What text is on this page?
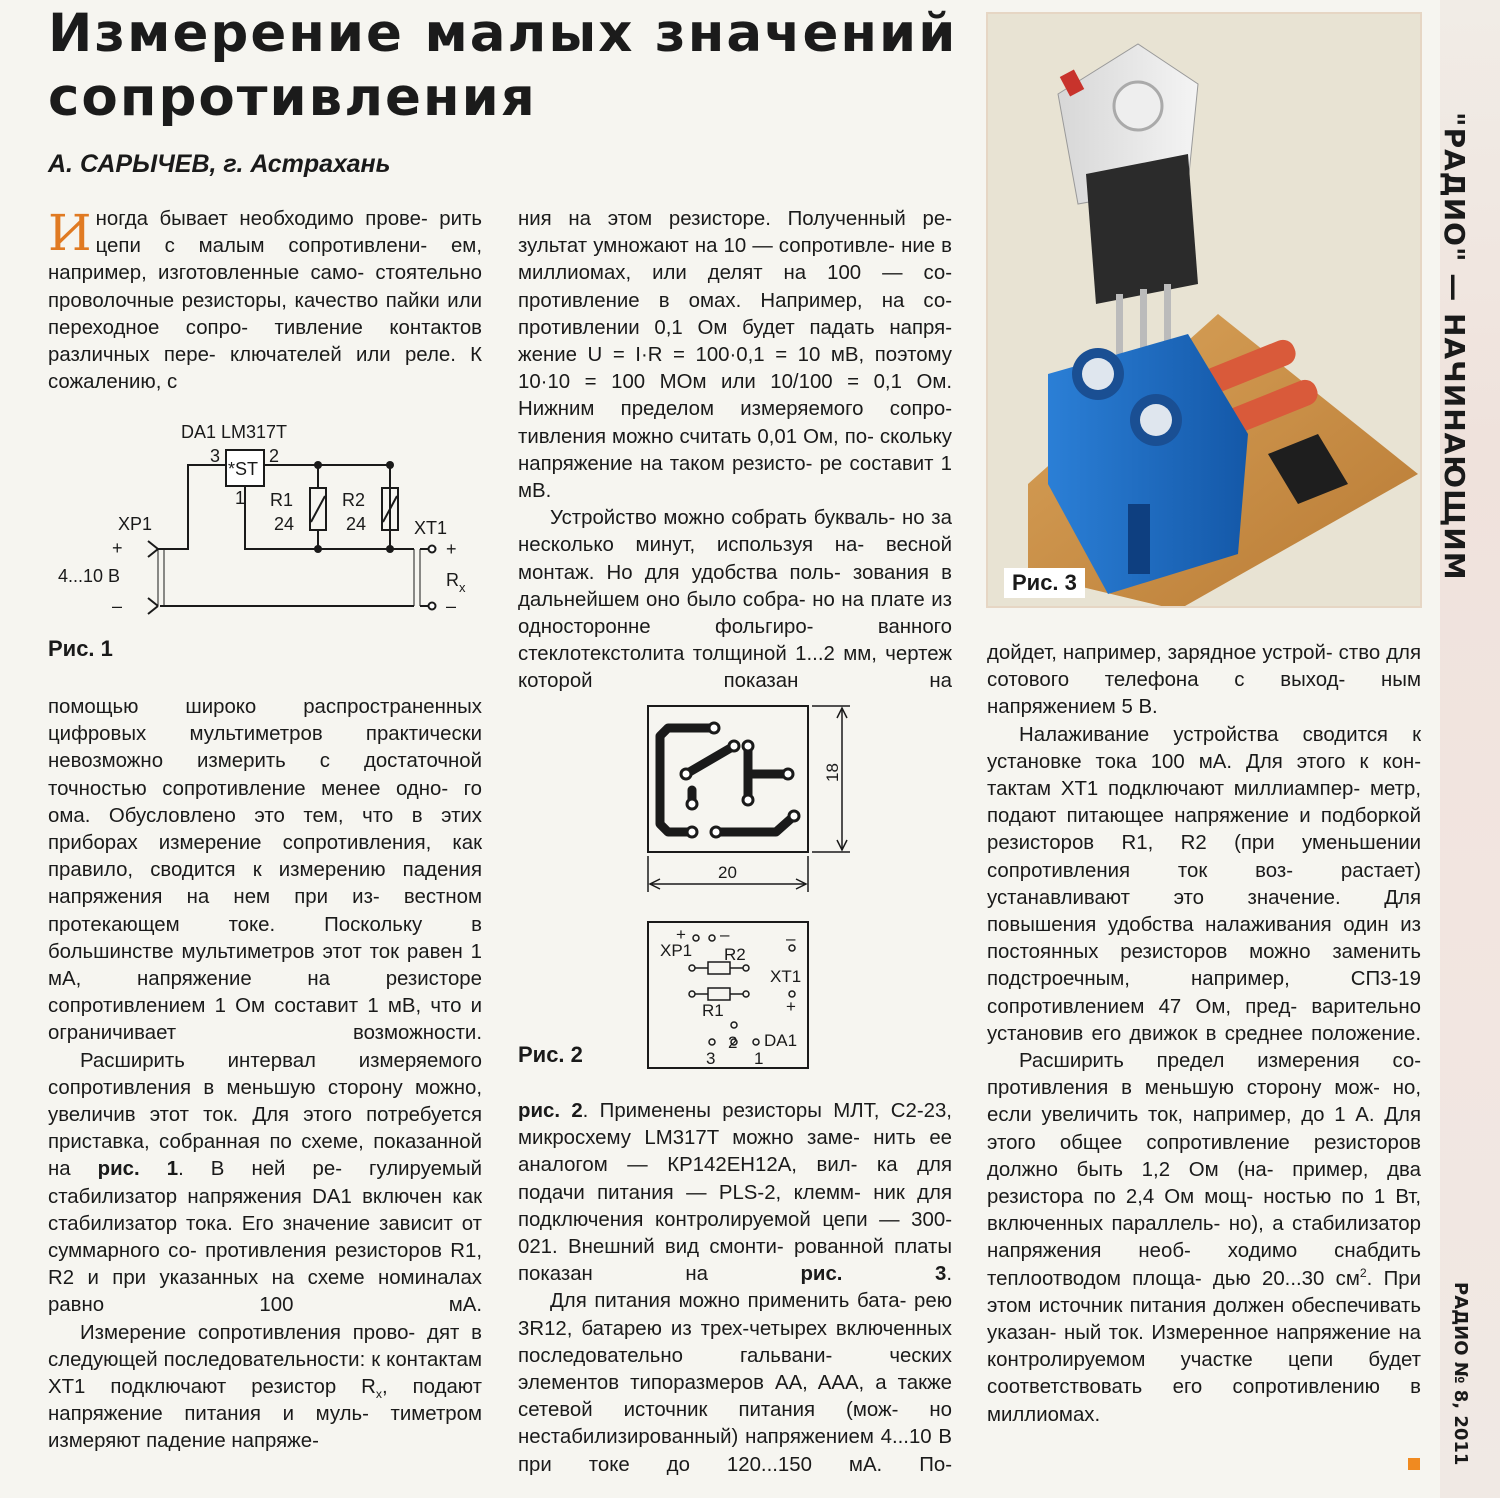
Измерение малых значений
сопротивления

А. САРЫЧЕВ, г. Астрахань

Иногда бывает необходимо прове- рить цепи с малым сопротивлени- ем, например, изготовленные само- стоятельно проволочные резисторы, качество пайки или переходное сопро- тивление контактов различных пере- ключателей или реле. К сожалению, с

DA1 LM317T
*ST
3	2
1 R1
24
R2
24
XP1
+
4...10 В
–
XT1
+
–
$R_x$
Рис. 1

помощью широко распространенных цифровых мультиметров практически невозможно измерить с достаточной точностью сопротивление менее одно- го ома. Обусловлено это тем, что в этих приборах измерение сопротивления, как правило, сводится к измерению падения напряжения на нем при из- вестном протекающем токе. Поскольку в большинстве мультиметров этот ток равен 1 мА, напряжение на резисторе сопротивлением 1 Ом составит 1 мВ, что и ограничивает возможности.

Расширить интервал измеряемого сопротивления в меньшую сторону можно, увеличив этот ток. Для этого потребуется приставка, собранная по схеме, показанной на рис. 1. В ней ре- гулируемый стабилизатор напряжения DA1 включен как стабилизатор тока. Его значение зависит от суммарного со- противления резисторов R1, R2 и при указанных на схеме номиналах равно 100 мА.

Измерение сопротивления прово- дят в следующей последовательности: к контактам XT1 подключают резистор $R_x$, подают напряжение питания и муль- тиметром измеряют падение напряже-

ния на этом резисторе. Полученный ре- зультат умножают на 10 — сопротивле- ние в миллиомах, или делят на 100 — со- противление в омах. Например, на со- противлении 0,1 Ом будет падать напря- жение U = I·R = 100·0,1 = 10 мВ, поэтому 10·10 = 100 МОм или 10/100 = 0,1 Ом. Нижним пределом измеряемого сопро- тивления можно считать 0,01 Ом, по- скольку напряжение на таком резисто- ре составит 1 мВ.

Устройство можно собрать букваль- но за несколько минут, используя на- весной монтаж. Но для удобства поль- зования в дальнейшем оно было собра- но на плате из односторонне фольгиро- ванного стеклотекстолита толщиной 1...2 мм, чертеж которой показан на

20
18
+ –
XP1 R2
XT1
–
+
R1
2 DA1
3 1
Рис. 2

рис. 2. Применены резисторы МЛТ, С2-23, микросхему LM317T можно заме- нить ее аналогом — КР142ЕН12А, вил- ка для подачи питания — PLS-2, клемм- ник для подключения контролируемой цепи — 300-021. Внешний вид смонти- рованной платы показан на рис. 3.

Для питания можно применить бата- рею 3R12, батарею из трех-четырех включенных последовательно гальвани- ческих элементов типоразмеров AA, AAA, а также сетевой источник питания (мож- но нестабилизированный) напряжением 4...10 В при токе до 120...150 мА. По-

Рис. 3

дойдет, например, зарядное устрой- ство для сотового телефона с выход- ным напряжением 5 В.

Налаживание устройства сводится к установке тока 100 мА. Для этого к кон- тактам XT1 подключают миллиампер- метр, подают питающее напряжение и подборкой резисторов R1, R2 (при уменьшении сопротивления ток воз- растает) устанавливают это значение. Для повышения удобства налаживания один из постоянных резисторов можно заменить подстроечным, например, СП3-19 сопротивлением 47 Ом, пред- варительно установив его движок в среднее положение.

Расширить предел измерения со- противления в меньшую сторону мож- но, если увеличить ток, например, до 1 А. Для этого общее сопротивление резисторов должно быть 1,2 Ом (на- пример, два резистора по 2,4 Ом мощ- ностью по 1 Вт, включенных параллель- но), а стабилизатор напряжения необ- ходимо снабдить теплоотводом площа- дью 20...30 $см^2$. При этом источник питания должен обеспечивать указан- ный ток. Измеренное напряжение на контролируемом участке цепи будет соответствовать его сопротивлению в миллиомах.

"РАДИО" — НАЧИНАЮЩИМ
РАДИО № 8, 2011
